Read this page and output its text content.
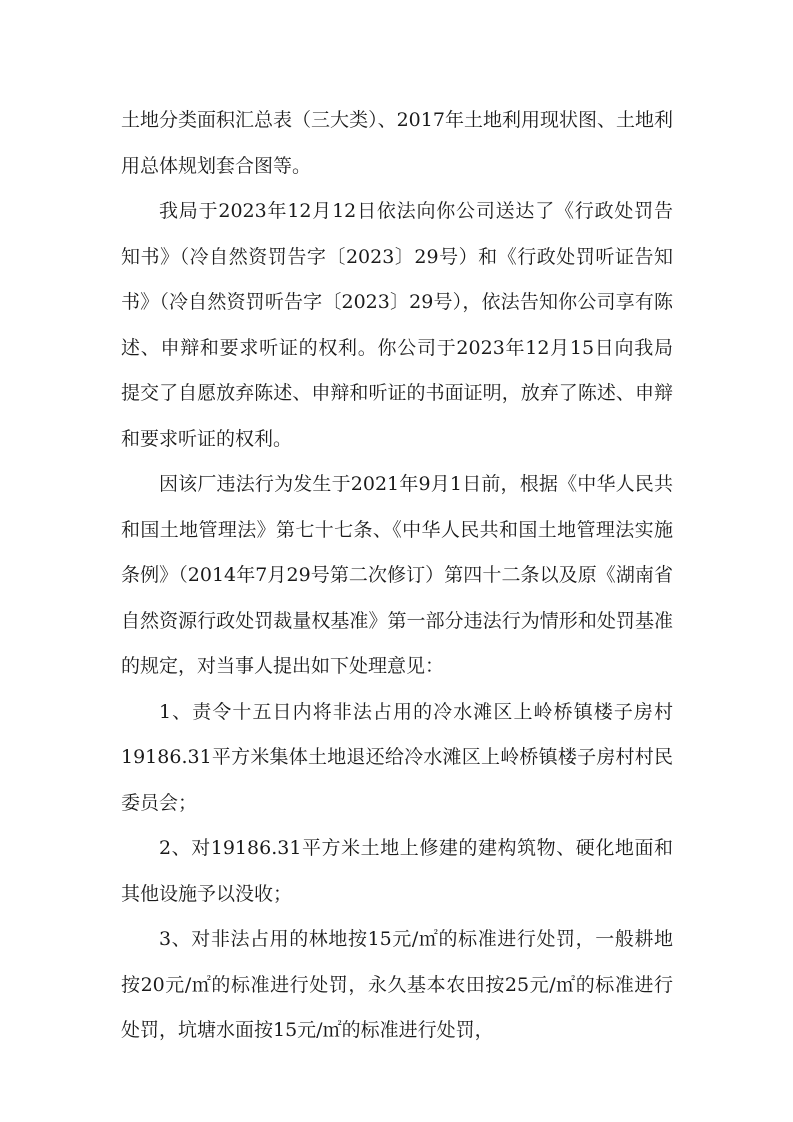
土地分类面积汇总表（三大类）、2017年土地利用现状图、土地利用总体规划套合图等。

我局于2023年12月12日依法向你公司送达了《行政处罚告知书》（冷自然资罚告字〔2023〕29号）和《行政处罚听证告知书》（冷自然资罚听告字〔2023〕29号），依法告知你公司享有陈述、申辩和要求听证的权利。你公司于2023年12月15日向我局提交了自愿放弃陈述、申辩和听证的书面证明，放弃了陈述、申辩和要求听证的权利。

因该厂违法行为发生于2021年9月1日前，根据《中华人民共和国土地管理法》第七十七条、《中华人民共和国土地管理法实施条例》（2014年7月29号第二次修订）第四十二条以及原《湖南省自然资源行政处罚裁量权基准》第一部分违法行为情形和处罚基准的规定，对当事人提出如下处理意见：

1、责令十五日内将非法占用的冷水滩区上岭桥镇楼子房村19186.31平方米集体土地退还给冷水滩区上岭桥镇楼子房村村民委员会；

2、对19186.31平方米土地上修建的建构筑物、硬化地面和其他设施予以没收；

3、对非法占用的林地按15元/㎡的标准进行处罚，一般耕地按20元/㎡的标准进行处罚，永久基本农田按25元/㎡的标准进行处罚，坑塘水面按15元/㎡的标准进行处罚，
